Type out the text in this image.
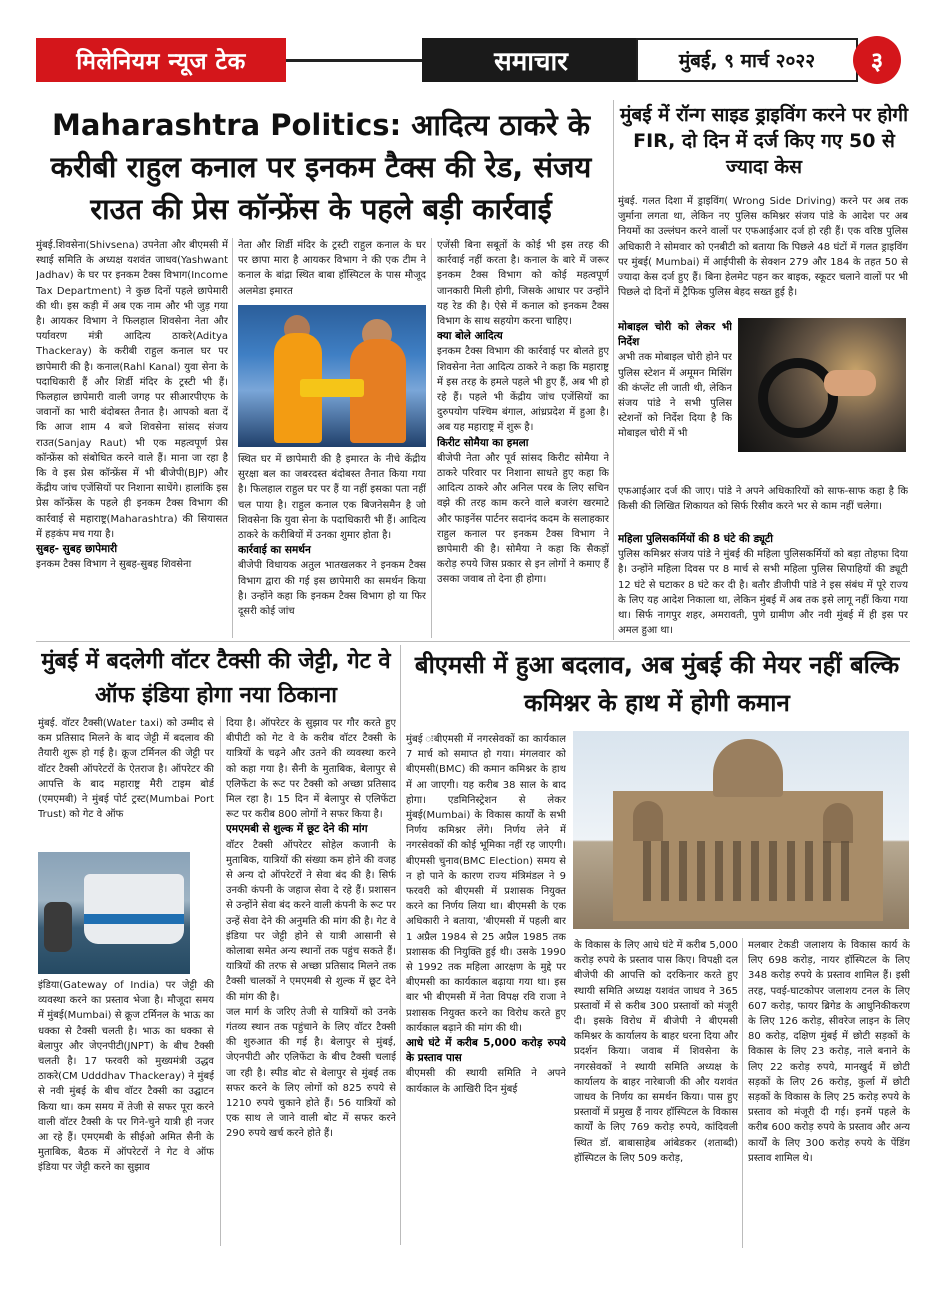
मिलेनियम न्यूज टेक	समाचार	मुंबई, ९ मार्च २०२२	३
Maharashtra Politics: आदित्य ठाकरे के करीबी राहुल कनाल पर इनकम टैक्स की रेड, संजय राउत की प्रेस कॉन्फ्रेंस के पहले बड़ी कार्रवाई

मुंबई.शिवसेना(Shivsena) उपनेता और बीएमसी में स्थाई समिति के अध्यक्ष यशवंत जाधव(Yashwant Jadhav) के घर पर इनकम टैक्स विभाग(Income Tax Department) ने कुछ दिनों पहले छापेमारी की थी। इस कड़ी में अब एक नाम और भी जुड़ गया है। आयकर विभाग ने फिलहाल शिवसेना नेता और पर्यावरण मंत्री आदित्य ठाकरे(Aditya Thackeray) के करीबी राहुल कनाल घर पर छापेमारी की है। कनाल(Rahl Kanal) युवा सेना के पदाधिकारी हैं और शिर्डी मंदिर के ट्रस्टी भी हैं। फिलहाल छापेमारी वाली जगह पर सीआरपीएफ के जवानों का भारी बंदोबस्त तैनात है। आपको बता दें कि आज शाम 4 बजे शिवसेना सांसद संजय राउत(Sanjay Raut) भी एक महत्वपूर्ण प्रेस कॉन्फ्रेंस को संबोधित करने वाले हैं। माना जा रहा है कि वे इस प्रेस कॉन्फ्रेंस में भी बीजेपी(BJP) और केंद्रीय जांच एजेंसियों पर निशाना साधेंगे। हालांकि इस प्रेस कॉन्फ्रेंस के पहले ही इनकम टैक्स विभाग की कार्रवाई से महाराष्ट्र(Maharashtra) की सियासत में हड़कंप मच गया है।

सुबह- सुबह छापेमारी

इनकम टैक्स विभाग ने सुबह-सुबह शिवसेना

नेता और शिर्डी मंदिर के ट्रस्टी राहुल कनाल के घर पर छापा मारा है आयकर विभाग ने की एक टीम ने कनाल के बांद्रा स्थित बाबा हॉस्पिटल के पास मौजूद अलमेडा इमारत

स्थित घर में छापेमारी की है इमारत के नीचे केंद्रीय सुरक्षा बल का जबरदस्त बंदोबस्त तैनात किया गया है। फिलहाल राहुल घर पर हैं या नहीं इसका पता नहीं चल पाया है। राहुल कनाल एक बिजनेसमैन है जो शिवसेना कि युवा सेना के पदाधिकारी भी हैं। आदित्य ठाकरे के करीबियों में उनका शुमार होता है।

कार्रवाई का समर्थन

बीजेपी विधायक अतुल भातखलकर ने इनकम टैक्स विभाग द्वारा की गई इस छापेमारी का समर्थन किया है। उन्होंने कहा कि इनकम टैक्स विभाग हो या फिर दूसरी कोई जांच

एजेंसी बिना सबूतों के कोई भी इस तरह की कार्रवाई नहीं करता है। कनाल के बारे में जरूर इनकम टैक्स विभाग को कोई महत्वपूर्ण जानकारी मिली होगी, जिसके आधार पर उन्होंने यह रेड की है। ऐसे में कनाल को इनकम टैक्स विभाग के साथ सहयोग करना चाहिए।

क्या बोले आदित्य

इनकम टैक्स विभाग की कार्रवाई पर बोलते हुए शिवसेना नेता आदित्य ठाकरे ने कहा कि महाराष्ट्र में इस तरह के हमले पहले भी हुए हैं, अब भी हो रहे हैं। पहले भी केंद्रीय जांच एजेंसियों का दुरुपयोग पश्चिम बंगाल, आंध्रप्रदेश में हुआ है। अब यह महाराष्ट्र में शुरू है।

किरीट सोमैया का हमला

बीजेपी नेता और पूर्व सांसद किरीट सोमैया ने ठाकरे परिवार पर निशाना साधते हुए कहा कि आदित्य ठाकरे और अनिल परब के लिए सचिन वझे की तरह काम करने वाले बजरंग खरमाटे और फाइनेंस पार्टनर सदानंद कदम के सलाहकार राहुल कनाल पर इनकम टैक्स विभाग ने छापेमारी की है। सोमैया ने कहा कि सैकड़ों करोड़ रुपये जिस प्रकार से इन लोगों ने कमाए हैं उसका जवाब तो देना ही होगा।

मुंबई में रॉन्ग साइड ड्राइविंग करने पर होगी FIR, दो दिन में दर्ज किए गए 50 से ज्यादा केस

मुंबई. गलत दिशा में ड्राइविंग( Wrong Side Driving) करने पर अब तक जुर्माना लगता था, लेकिन नए पुलिस कमिश्नर संजय पांडे के आदेश पर अब नियमों का उल्लंघन करने वालों पर एफआईआर दर्ज हो रही हैं। एक वरिष्ठ पुलिस अधिकारी ने सोमवार को एनबीटी को बताया कि पिछले 48 घंटों में गलत ड्राइविंग पर मुंबई( Mumbai) में आईपीसी के सेक्शन 279 और 184 के तहत 50 से ज्यादा केस दर्ज हुए हैं। बिना हेलमेट पहन कर बाइक, स्कूटर चलाने वालों पर भी पिछले दो दिनों में ट्रैफिक पुलिस बेहद सख्त हुई है।

मोबाइल चोरी को लेकर भी निर्देश

अभी तक मोबाइल चोरी होने पर पुलिस स्टेशन में अमूमन मिसिंग की कंप्लेंट ली जाती थी, लेकिन संजय पांडे ने सभी पुलिस स्टेशनों को निर्देश दिया है कि मोबाइल चोरी में भी

एफआईआर दर्ज की जाए। पांडे ने अपने अधिकारियों को साफ-साफ कहा है कि किसी की लिखित शिकायत को सिर्फ रिसीव करने भर से काम नहीं चलेगा।

महिला पुलिसकर्मियों की 8 घंटे की ड्यूटी

पुलिस कमिश्नर संजय पांडे ने मुंबई की महिला पुलिसकर्मियों को बड़ा तोहफा दिया है। उन्होंने महिला दिवस पर 8 मार्च से सभी महिला पुलिस सिपाहियों की ड्यूटी 12 घंटे से घटाकर 8 घंटे कर दी है। बतौर डीजीपी पांडे ने इस संबंध में पूरे राज्य के लिए यह आदेश निकाला था, लेकिन मुंबई में अब तक इसे लागू नहीं किया गया था। सिर्फ नागपुर शहर, अमरावती, पुणे ग्रामीण और नवी मुंबई में ही इस पर अमल हुआ था।

मुंबई में बदलेगी वॉटर टैक्सी की जेट्टी, गेट वे ऑफ इंडिया होगा नया ठिकाना

मुंबई. वॉटर टैक्सी(Water taxi) को उम्मीद से कम प्रतिसाद मिलने के बाद जेट्टी में बदलाव की तैयारी शुरू हो गई है। क्रूज टर्मिनल की जेट्टी पर वॉटर टैक्सी ऑपरेटरों के ऐतराज है। ऑपरेटर की आपत्ति के बाद महाराष्ट्र मैरी टाइम बोर्ड (एमएमबी) ने मुंबई पोर्ट ट्रस्ट(Mumbai Port Trust) को गेट वे ऑफ

इंडिया(Gateway of India) पर जेट्टी की व्यवस्था करने का प्रस्ताव भेजा है। मौजूदा समय में मुंबई(Mumbai) से क्रूज टर्मिनल के भाऊ का धक्का से टैक्सी चलती है। भाऊ का धक्का से बेलापुर और जेएनपीटी(JNPT) के बीच टैक्सी चलती है। 17 फरवरी को मुख्यमंत्री उद्धव ठाकरे(CM Udddhav Thackeray) ने मुंबई से नवी मुंबई के बीच वॉटर टैक्सी का उद्घाटन किया था। कम समय में तेजी से सफर पूरा करने वाली वॉटर टैक्सी के पर गिने-चुने यात्री ही नजर आ रहे हैं। एमएमबी के सीईओ अमित सैनी के मुताबिक, बैठक में ऑपरेटरों ने गेट वे ऑफ इंडिया पर जेट्टी करने का सुझाव

दिया है। ऑपरेटर के सुझाव पर गौर करते हुए बीपीटी को गेट वे के करीब वॉटर टैक्सी के यात्रियों के चढ़ने और उतने की व्यवस्था करने को कहा गया है। सैनी के मुताबिक, बेलापुर से एलिफेंटा के रूट पर टैक्सी को अच्छा प्रतिसाद मिल रहा है। 15 दिन में बेलापुर से एलिफेंटा रूट पर करीब 800 लोगों ने सफर किया है।

एमएमबी से शुल्क में छूट देने की मांग

वॉटर टैक्सी ऑपरेटर सोहेल कजानी के मुताबिक, यात्रियों की संख्या कम होने की वजह से अन्य दो ऑपरेटरों ने सेवा बंद की है। सिर्फ उनकी कंपनी के जहाज सेवा दे रहे हैं। प्रशासन से उन्होंने सेवा बंद करने वाली कंपनी के रूट पर उन्हें सेवा देने की अनुमति की मांग की है। गेट वे इंडिया पर जेट्टी होने से यात्री आसानी से कोलाबा समेत अन्य स्थानों तक पहुंच सकते हैं। यात्रियों की तरफ से अच्छा प्रतिसाद मिलने तक टैक्सी चालकों ने एमएमबी से शुल्क में छूट देने की मांग की है।

जल मार्ग के जरिए तेजी से यात्रियों को उनके गंतव्य स्थान तक पहुंचाने के लिए वॉटर टैक्सी की शुरुआत की गई है। बेलापुर से मुंबई, जेएनपीटी और एलिफेंटा के बीच टैक्सी चलाई जा रही है। स्पीड बोट से बेलापुर से मुंबई तक सफर करने के लिए लोगों को 825 रुपये से 1210 रुपये चुकाने होते हैं। 56 यात्रियों को एक साथ ले जाने वाली बोट में सफर करने 290 रुपये खर्च करने होते हैं।

बीएमसी में हुआ बदलाव, अब मुंबई की मेयर नहीं बल्कि कमिश्नर के हाथ में होगी कमान

मुंबई ःबीएमसी में नगरसेवकों का कार्यकाल 7 मार्च को समाप्त हो गया। मंगलवार को बीएमसी(BMC) की कमान कमिश्नर के हाथ में आ जाएगी। यह करीब 38 साल के बाद होगा। एडमिनिस्ट्रेशन से लेकर मुंबई(Mumbai) के विकास कार्यों के सभी निर्णय कमिश्नर लेंगे। निर्णय लेने में नगरसेवकों की कोई भूमिका नहीं रह जाएगी। बीएमसी चुनाव(BMC Election) समय से न हो पाने के कारण राज्य मंत्रिमंडल ने 9 फरवरी को बीएमसी में प्रशासक नियुक्त करने का निर्णय लिया था। बीएमसी के एक अधिकारी ने बताया, 'बीएमसी में पहली बार 1 अप्रैल 1984 से 25 अप्रैल 1985 तक प्रशासक की नियुक्ति हुई थी। उसके 1990 से 1992 तक महिला आरक्षण के मुद्दे पर बीएमसी का कार्यकाल बढ़ाया गया था। इस बार भी बीएमसी में नेता विपक्ष रवि राजा ने प्रशासक नियुक्त करने का विरोध करते हुए कार्यकाल बढ़ाने की मांग की थी।

आधे घंटे में करीब 5,000 करोड़ रुपये के प्रस्ताव पास

बीएमसी की स्थायी समिति ने अपने कार्यकाल के आखिरी दिन मुंबई

के विकास के लिए आधे घंटे में करीब 5,000 करोड़ रुपये के प्रस्ताव पास किए। विपक्षी दल बीजेपी की आपत्ति को दरकिनार करते हुए स्थायी समिति अध्यक्ष यशवंत जाधव ने 365 प्रस्तावों में से करीब 300 प्रस्तावों को मंजूरी दी। इसके विरोध में बीजेपी ने बीएमसी कमिश्नर के कार्यालय के बाहर धरना दिया और प्रदर्शन किया। जवाब में शिवसेना के नगरसेवकों ने स्थायी समिति अध्यक्ष के कार्यालय के बाहर नारेबाजी की और यशवंत जाधव के निर्णय का समर्थन किया। पास हुए प्रस्तावों में प्रमुख हैं नायर हॉस्पिटल के विकास कार्यों के लिए 769 करोड़ रुपये, कांदिवली स्थित डॉ. बाबासाहेब आंबेडकर (शताब्दी) हॉस्पिटल के लिए 509 करोड़,

मलबार टेकडी जलाशय के विकास कार्य के लिए 698 करोड़, नायर हॉस्पिटल के लिए 348 करोड़ रुपये के प्रस्ताव शामिल हैं। इसी तरह, पवई-घाटकोपर जलाशय टनल के लिए 607 करोड़, फायर ब्रिगेड के आधुनिकीकरण के लिए 126 करोड़, सीवरेज लाइन के लिए 80 करोड़, दक्षिण मुंबई में छोटी सड़कों के विकास के लिए 23 करोड़, नाले बनाने के लिए 22 करोड़ रुपये, मानखुर्द में छोटी सड़कों के लिए 26 करोड़, कुर्ला में छोटी सड़कों के विकास के लिए 25 करोड़ रुपये के प्रस्ताव को मंजूरी दी गई। इनमें पहले के करीब 600 करोड़ रुपये के प्रस्ताव और अन्य कार्यों के लिए 300 करोड़ रुपये के पेंडिंग प्रस्ताव शामिल थे।
